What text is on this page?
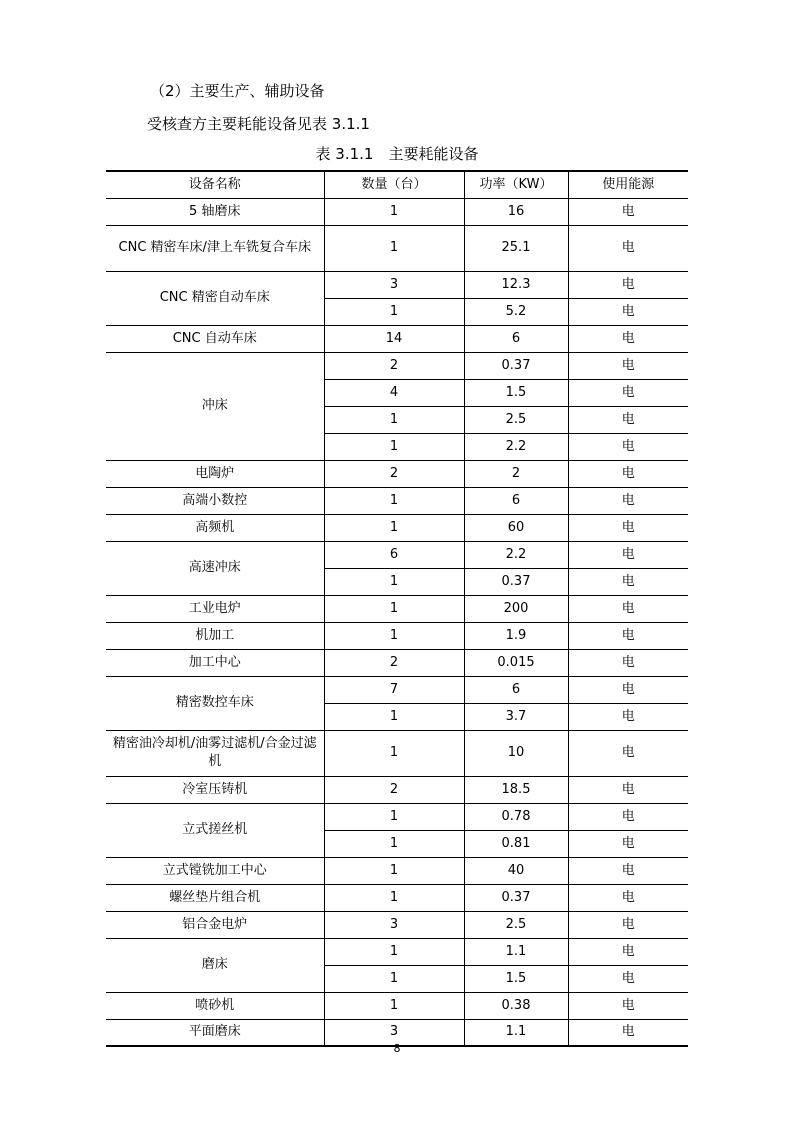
（2）主要生产、辅助设备
受核查方主要耗能设备见表 3.1.1
表 3.1.1　主要耗能设备
设备名称	数量（台）	功率（KW）	使用能源
5 轴磨床	1	16	电
CNC 精密车床/津上车铣复合车床	1	25.1	电
CNC 精密自动车床	3	12.3	电
	1	5.2	电
CNC 自动车床	14	6	电
冲床	2	0.37	电
	4	1.5	电
	1	2.5	电
	1	2.2	电
电陶炉	2	2	电
高端小数控	1	6	电
高频机	1	60	电
高速冲床	6	2.2	电
	1	0.37	电
工业电炉	1	200	电
机加工	1	1.9	电
加工中心	2	0.015	电
精密数控车床	7	6	电
	1	3.7	电
精密油冷却机/油雾过滤机/合金过滤机	1	10	电
冷室压铸机	2	18.5	电
立式搓丝机	1	0.78	电
	1	0.81	电
立式镗铣加工中心	1	40	电
螺丝垫片组合机	1	0.37	电
铝合金电炉	3	2.5	电
磨床	1	1.1	电
	1	1.5	电
喷砂机	1	0.38	电
平面磨床	3	1.1	电
8
